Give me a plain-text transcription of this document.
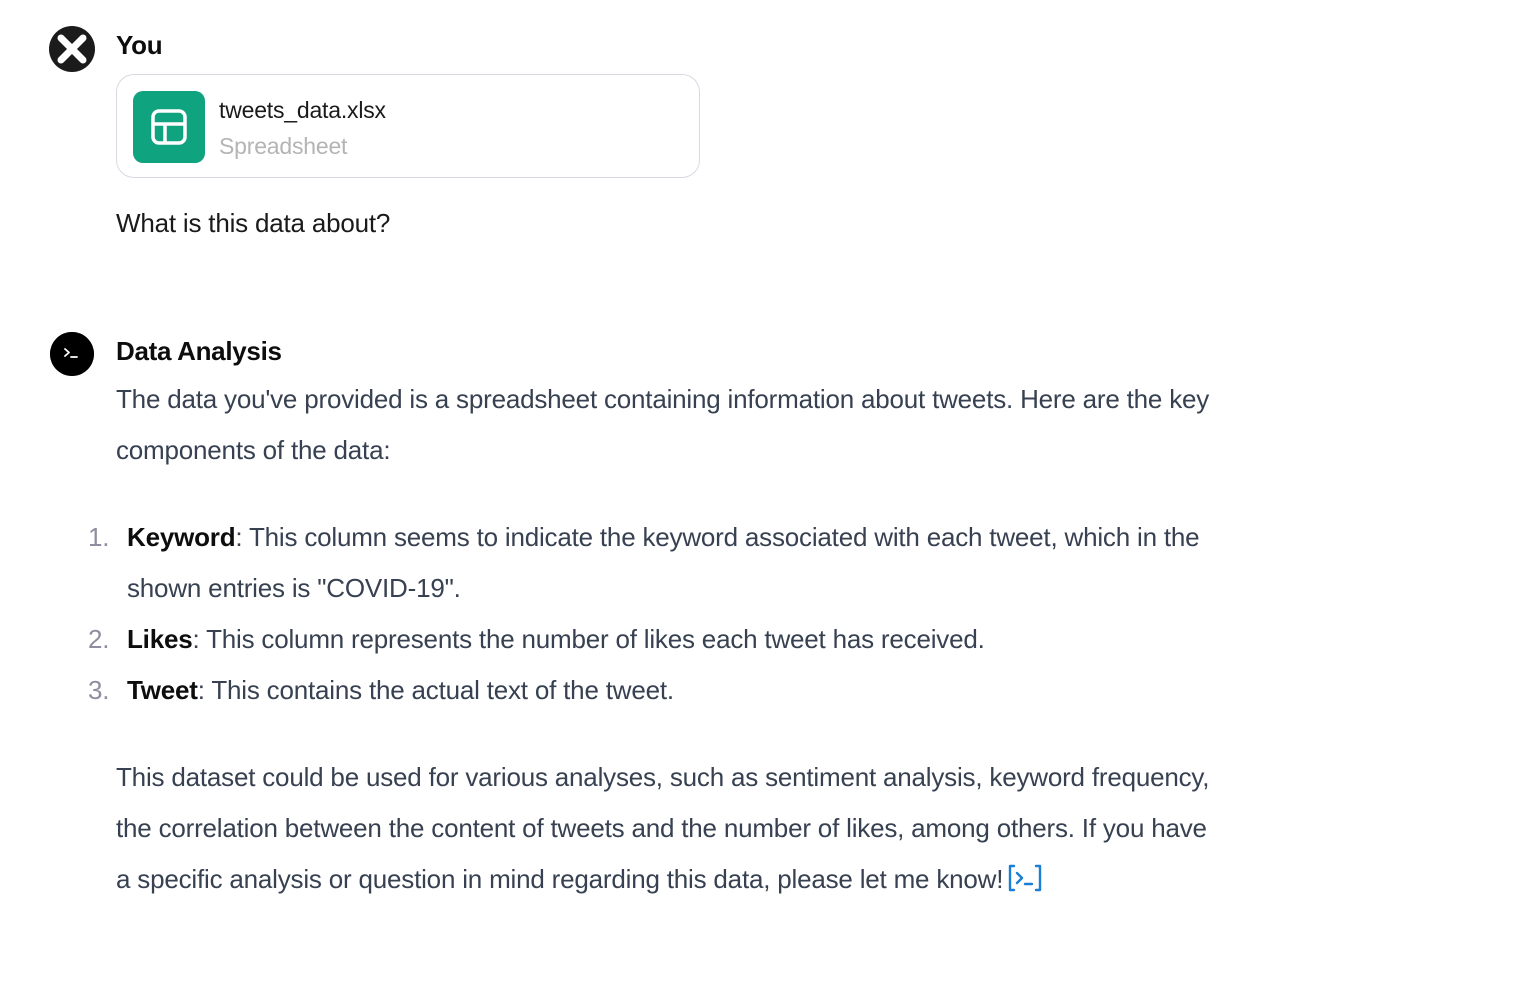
You
tweets_data.xlsx
Spreadsheet
What is this data about?
Data Analysis
The data you've provided is a spreadsheet containing information about tweets. Here are the key components of the data:
1. Keyword: This column seems to indicate the keyword associated with each tweet, which in the shown entries is "COVID-19".
2. Likes: This column represents the number of likes each tweet has received.
3. Tweet: This contains the actual text of the tweet.
This dataset could be used for various analyses, such as sentiment analysis, keyword frequency, the correlation between the content of tweets and the number of likes, among others. If you have a specific analysis or question in mind regarding this data, please let me know!
